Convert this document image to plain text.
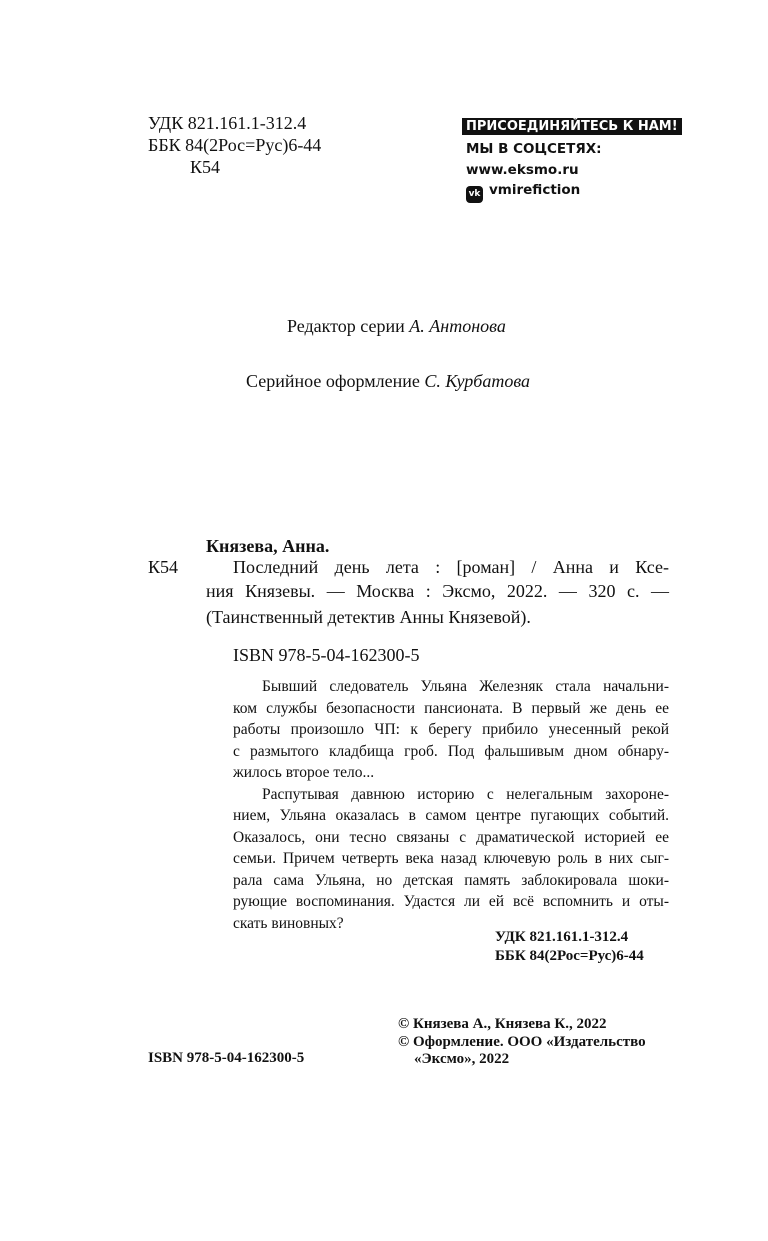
УДК 821.161.1-312.4
ББК 84(2Рос=Рус)6-44
К54
ПРИСОЕДИНЯЙТЕСЬ К НАМ!
МЫ В СОЦСЕТЯХ:
www.eksmo.ru
vk vmirefiction
Редактор серии А. Антонова
Серийное оформление С. Курбатова
Князева, Анна.
К54	Последний день лета : [роман] / Анна и Ксе-
ния Князевы. — Москва : Эксмо, 2022. — 320 с. —
(Таинственный детектив Анны Князевой).
ISBN 978-5-04-162300-5
Бывший следователь Ульяна Железняк стала начальни-
ком службы безопасности пансионата. В первый же день ее
работы произошло ЧП: к берегу прибило унесенный рекой
с размытого кладбища гроб. Под фальшивым дном обнару-
жилось второе тело...
Распутывая давнюю историю с нелегальным захороне-
нием, Ульяна оказалась в самом центре пугающих событий.
Оказалось, они тесно связаны с драматической историей ее
семьи. Причем четверть века назад ключевую роль в них сыг-
рала сама Ульяна, но детская память заблокировала шоки-
рующие воспоминания. Удастся ли ей всё вспомнить и оты-
скать виновных?
УДК 821.161.1-312.4
ББК 84(2Рос=Рус)6-44
ISBN 978-5-04-162300-5
© Князева А., Князева К., 2022
© Оформление. ООО «Издательство
«Эксмо», 2022
